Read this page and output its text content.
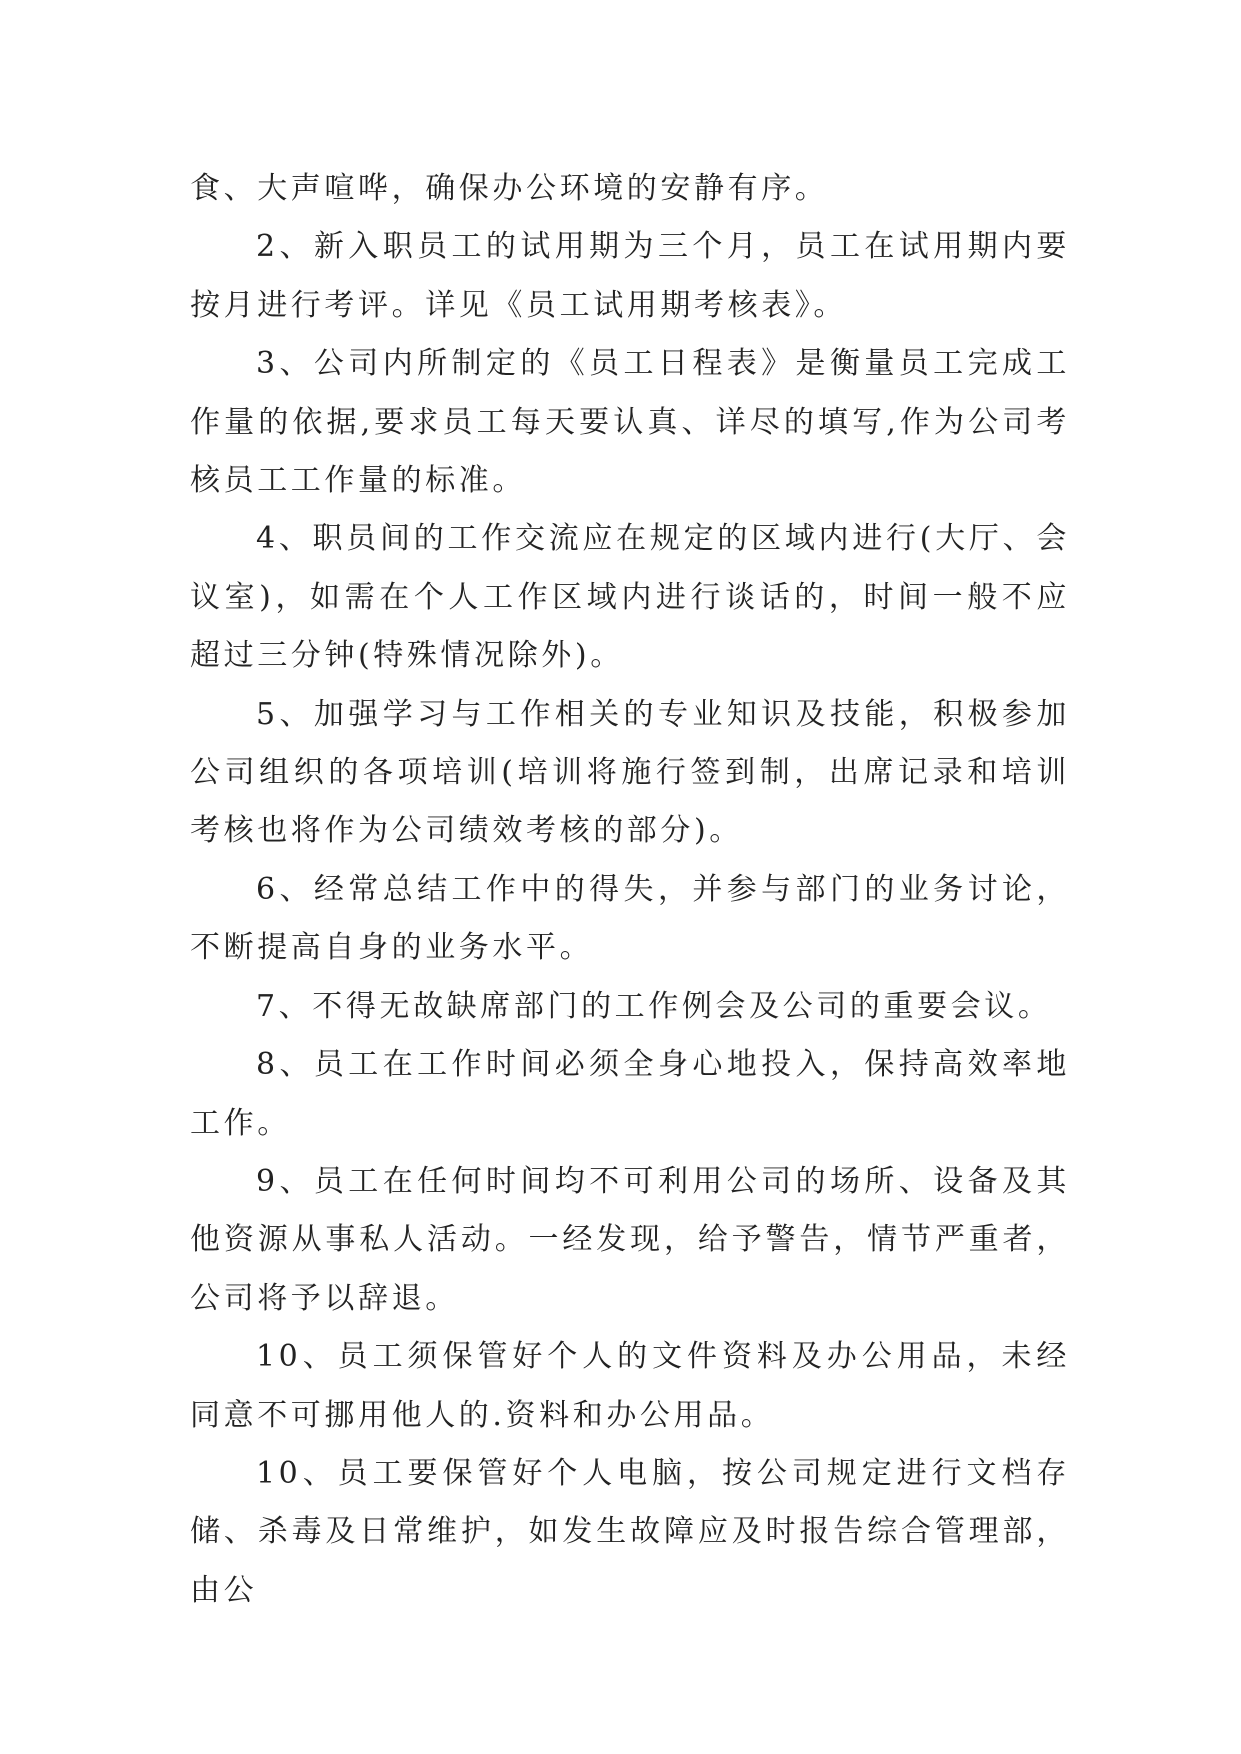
食、大声喧哗，确保办公环境的安静有序。

2、新入职员工的试用期为三个月，员工在试用期内要按月进行考评。详见《员工试用期考核表》。

3、公司内所制定的《员工日程表》是衡量员工完成工作量的依据,要求员工每天要认真、详尽的填写,作为公司考核员工工作量的标准。

4、职员间的工作交流应在规定的区域内进行(大厅、会议室)，如需在个人工作区域内进行谈话的，时间一般不应超过三分钟(特殊情况除外)。

5、加强学习与工作相关的专业知识及技能，积极参加公司组织的各项培训(培训将施行签到制，出席记录和培训考核也将作为公司绩效考核的部分)。

6、经常总结工作中的得失，并参与部门的业务讨论，不断提高自身的业务水平。

7、不得无故缺席部门的工作例会及公司的重要会议。

8、员工在工作时间必须全身心地投入，保持高效率地工作。

9、员工在任何时间均不可利用公司的场所、设备及其他资源从事私人活动。一经发现，给予警告，情节严重者，公司将予以辞退。

10、员工须保管好个人的文件资料及办公用品，未经同意不可挪用他人的.资料和办公用品。

10、员工要保管好个人电脑，按公司规定进行文档存储、杀毒及日常维护，如发生故障应及时报告综合管理部，由公
